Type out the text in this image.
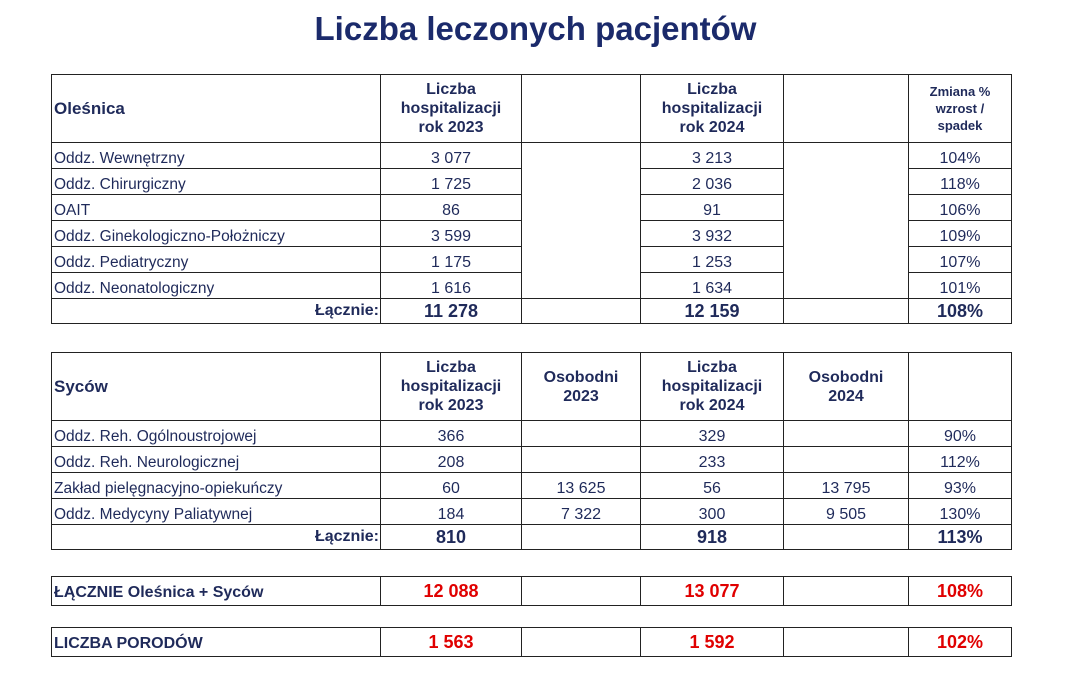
Liczba leczonych pacjentów
Oleśnica	Liczba
hospitalizacji
rok 2023		Liczba
hospitalizacji
rok 2024		Zmiana %
wzrost /
spadek

Oddz. Wewnętrzny	3 077		3 213		104%
Oddz. Chirurgiczny	1 725		2 036		118%
OAIT	86		91		106%
Oddz. Ginekologiczno-Położniczy	3 599		3 932		109%
Oddz. Pediatryczny	1 175		1 253		107%
Oddz. Neonatologiczny	1 616		1 634		101%
Łącznie:	11 278		12 159		108%
Syców	Liczba
hospitalizacji
rok 2023	Osobodni
2023	Liczba
hospitalizacji
rok 2024	Osobodni
2024	

Oddz. Reh. Ogólnoustrojowej	366		329		90%
Oddz. Reh. Neurologicznej	208		233		112%
Zakład pielęgnacyjno-opiekuńczy	60	13 625	56	13 795	93%
Oddz. Medycyny Paliatywnej	184	7 322	300	9 505	130%
Łącznie:	810		918		113%
ŁĄCZNIE Oleśnica + Syców	12 088		13 077		108%
LICZBA PORODÓW	1 563		1 592		102%
